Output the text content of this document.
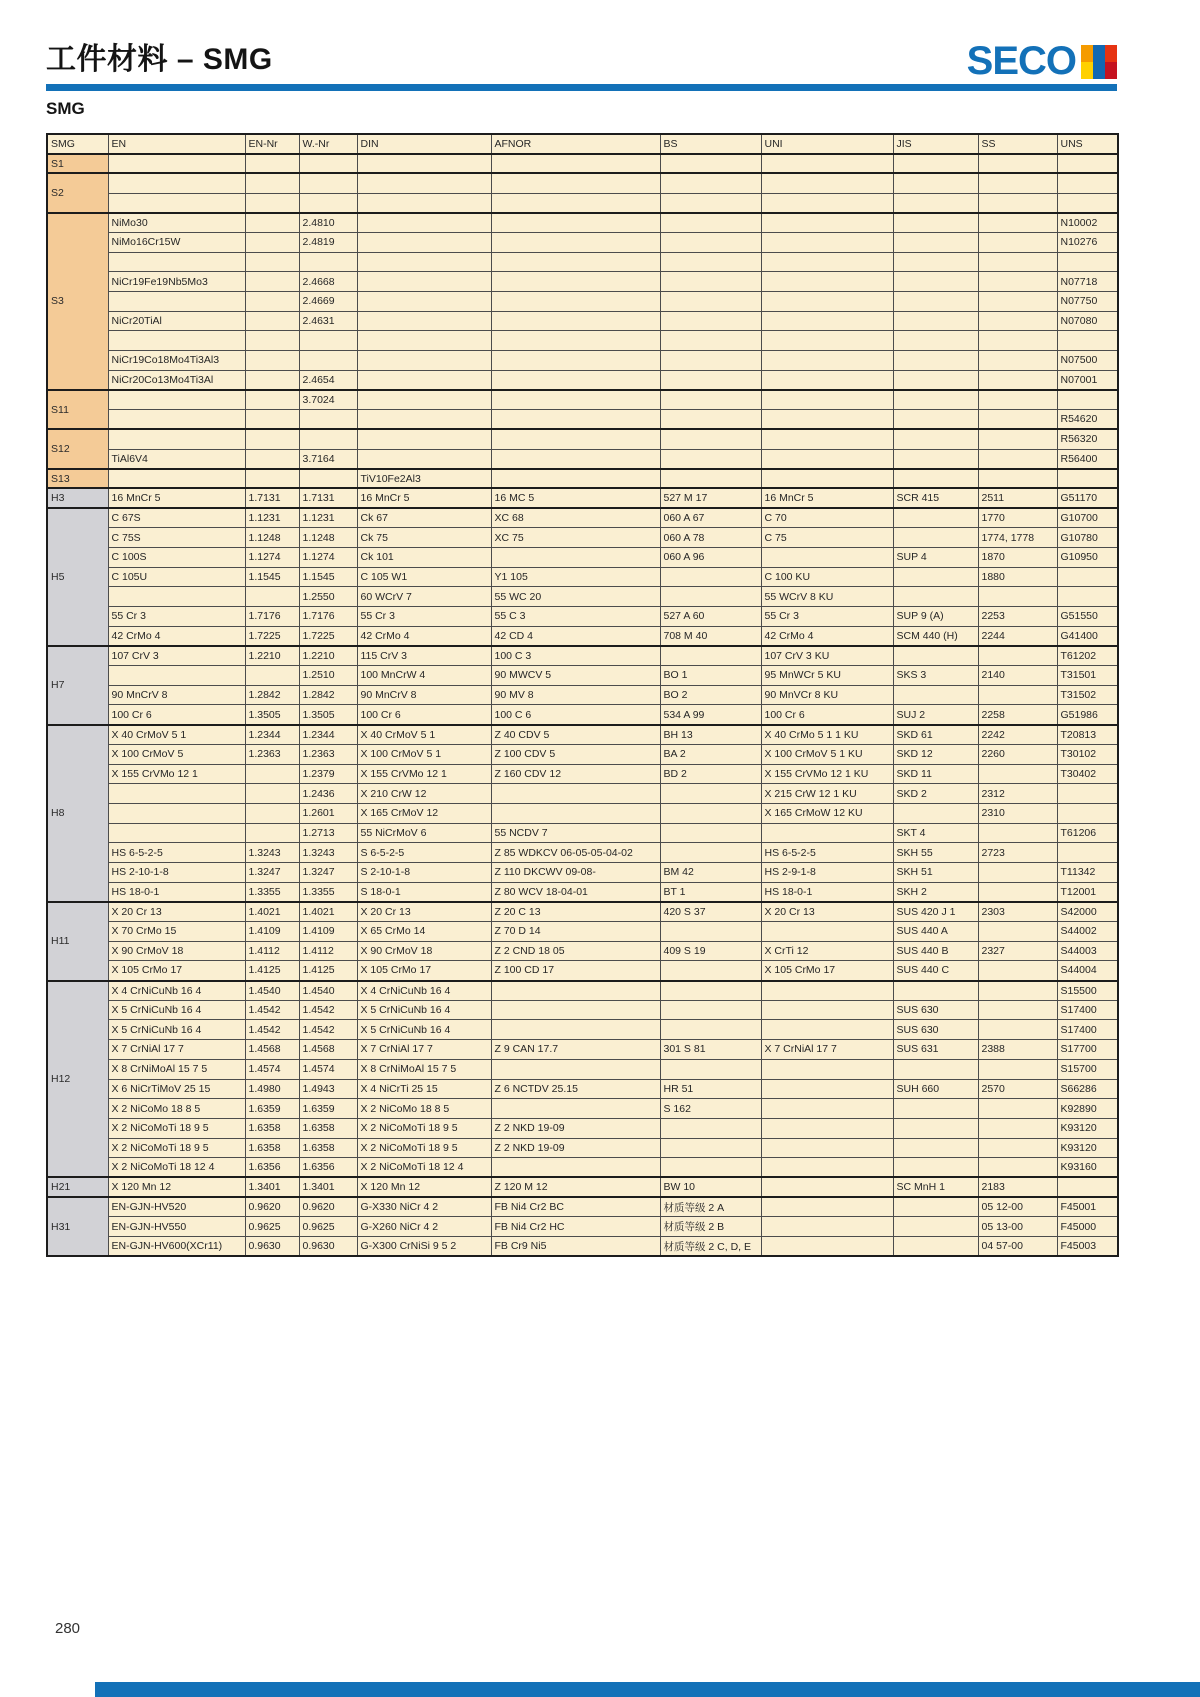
工件材料 – SMG	SECO
SMG
SMG	EN	EN-Nr	W.-Nr	DIN	AFNOR	BS	UNI	JIS	SS	UNS
S1										
S2										

S3	NiMo30		2.4810							N10002
	NiMo16Cr15W		2.4819							N10276

	NiCr19Fe19Nb5Mo3		2.4668							N07718
			2.4669							N07750
	NiCr20TiAl		2.4631							N07080

	NiCr19Co18Mo4Ti3Al3									N07500
	NiCr20Co13Mo4Ti3Al		2.4654							N07001
S11			3.7024							
										R54620
S12										R56320
	TiAl6V4		3.7164							R56400
S13				TiV10Fe2Al3						
H3	16 MnCr 5	1.7131	1.7131	16 MnCr 5	16 MC 5	527 M 17	16 MnCr 5	SCR 415	2511	G51170
H5	C 67S	1.1231	1.1231	Ck 67	XC 68	060 A 67	C 70		1770	G10700
	C 75S	1.1248	1.1248	Ck 75	XC 75	060 A 78	C 75		1774, 1778	G10780
	C 100S	1.1274	1.1274	Ck 101		060 A 96		SUP 4	1870	G10950
	C 105U	1.1545	1.1545	C 105 W1	Y1 105		C 100 KU		1880	
			1.2550	60 WCrV 7	55 WC 20		55 WCrV 8 KU			
	55 Cr 3	1.7176	1.7176	55 Cr 3	55 C 3	527 A 60	55 Cr 3	SUP 9 (A)	2253	G51550
	42 CrMo 4	1.7225	1.7225	42 CrMo 4	42 CD 4	708 M 40	42 CrMo 4	SCM 440 (H)	2244	G41400
H7	107 CrV 3	1.2210	1.2210	115 CrV 3	100 C 3		107 CrV 3 KU			T61202
			1.2510	100 MnCrW 4	90 MWCV 5	BO 1	95 MnWCr 5 KU	SKS 3	2140	T31501
	90 MnCrV 8	1.2842	1.2842	90 MnCrV 8	90 MV 8	BO 2	90 MnVCr 8 KU			T31502
	100 Cr 6	1.3505	1.3505	100 Cr 6	100 C 6	534 A 99	100 Cr 6	SUJ 2	2258	G51986
H8	X 40 CrMoV 5 1	1.2344	1.2344	X 40 CrMoV 5 1	Z 40 CDV 5	BH 13	X 40 CrMo 5 1 1 KU	SKD 61	2242	T20813
	X 100 CrMoV 5	1.2363	1.2363	X 100 CrMoV 5 1	Z 100 CDV 5	BA 2	X 100 CrMoV 5 1 KU	SKD 12	2260	T30102
	X 155 CrVMo 12 1		1.2379	X 155 CrVMo 12 1	Z 160 CDV 12	BD 2	X 155 CrVMo 12 1 KU	SKD 11		T30402
			1.2436	X 210 CrW 12			X 215 CrW 12 1 KU	SKD 2	2312	
			1.2601	X 165 CrMoV 12			X 165 CrMoW 12 KU		2310	
			1.2713	55 NiCrMoV 6	55 NCDV 7			SKT 4		T61206
	HS 6-5-2-5	1.3243	1.3243	S 6-5-2-5	Z 85 WDKCV 06-05-05-04-02		HS 6-5-2-5	SKH 55	2723	
	HS 2-10-1-8	1.3247	1.3247	S 2-10-1-8	Z 110 DKCWV 09-08-	BM 42	HS 2-9-1-8	SKH 51		T11342
	HS 18-0-1	1.3355	1.3355	S 18-0-1	Z 80 WCV 18-04-01	BT 1	HS 18-0-1	SKH 2		T12001
H11	X 20 Cr 13	1.4021	1.4021	X 20 Cr 13	Z 20 C 13	420 S 37	X 20 Cr 13	SUS 420 J 1	2303	S42000
	X 70 CrMo 15	1.4109	1.4109	X 65 CrMo 14	Z 70 D 14			SUS 440 A		S44002
	X 90 CrMoV 18	1.4112	1.4112	X 90 CrMoV 18	Z 2 CND 18 05	409 S 19	X CrTi 12	SUS 440 B	2327	S44003
	X 105 CrMo 17	1.4125	1.4125	X 105 CrMo 17	Z 100 CD 17		X 105 CrMo 17	SUS 440 C		S44004
H12	X 4 CrNiCuNb 16 4	1.4540	1.4540	X 4 CrNiCuNb 16 4						S15500
	X 5 CrNiCuNb 16 4	1.4542	1.4542	X 5 CrNiCuNb 16 4				SUS 630		S17400
	X 5 CrNiCuNb 16 4	1.4542	1.4542	X 5 CrNiCuNb 16 4				SUS 630		S17400
	X 7 CrNiAl 17 7	1.4568	1.4568	X 7 CrNiAl 17 7	Z 9 CAN 17.7	301 S 81	X 7 CrNiAl 17 7	SUS 631	2388	S17700
	X 8 CrNiMoAl 15 7 5	1.4574	1.4574	X 8 CrNiMoAl 15 7 5						S15700
	X 6 NiCrTiMoV 25 15	1.4980	1.4943	X 4 NiCrTi 25 15	Z 6 NCTDV 25.15	HR 51		SUH 660	2570	S66286
	X 2 NiCoMo 18 8 5	1.6359	1.6359	X 2 NiCoMo 18 8 5		S 162				K92890
	X 2 NiCoMoTi 18 9 5	1.6358	1.6358	X 2 NiCoMoTi 18 9 5	Z 2 NKD 19-09					K93120
	X 2 NiCoMoTi 18 9 5	1.6358	1.6358	X 2 NiCoMoTi 18 9 5	Z 2 NKD 19-09					K93120
	X 2 NiCoMoTi 18 12 4	1.6356	1.6356	X 2 NiCoMoTi 18 12 4						K93160
H21	X 120 Mn 12	1.3401	1.3401	X 120 Mn 12	Z 120 M 12	BW 10		SC MnH 1	2183	
H31	EN-GJN-HV520	0.9620	0.9620	G-X330 NiCr 4 2	FB Ni4 Cr2 BC	材质等级 2 A			05 12-00	F45001
	EN-GJN-HV550	0.9625	0.9625	G-X260 NiCr 4 2	FB Ni4 Cr2 HC	材质等级 2 B			05 13-00	F45000
	EN-GJN-HV600(XCr11)	0.9630	0.9630	G-X300 CrNiSi 9 5 2	FB Cr9 Ni5	材质等级 2 C, D, E			04 57-00	F45003
280
